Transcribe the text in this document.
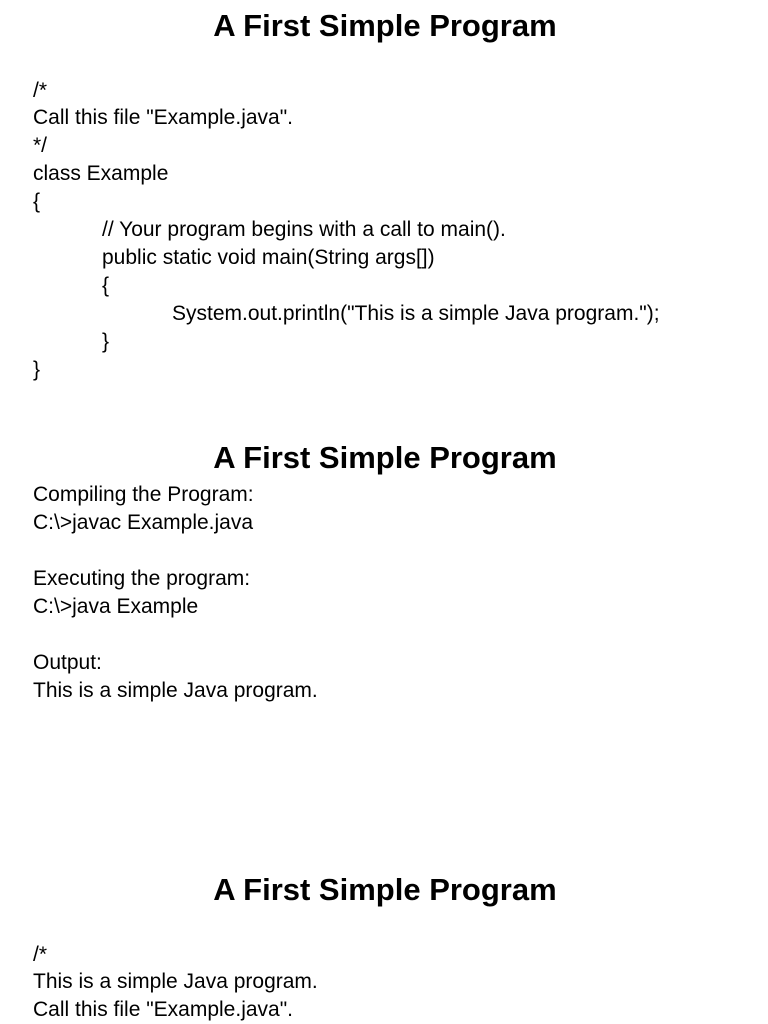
A First Simple Program

/*

Call this file "Example.java".

*/

class Example

{

// Your program begins with a call to main().

public static void main(String args[])

{

System.out.println("This is a simple Java program.");

}

}

A First Simple Program

Compiling the Program:

C:\>javac Example.java

Executing the program:

C:\>java Example

Output:

This is a simple Java program.

A First Simple Program

/*

This is a simple Java program.

Call this file "Example.java".
